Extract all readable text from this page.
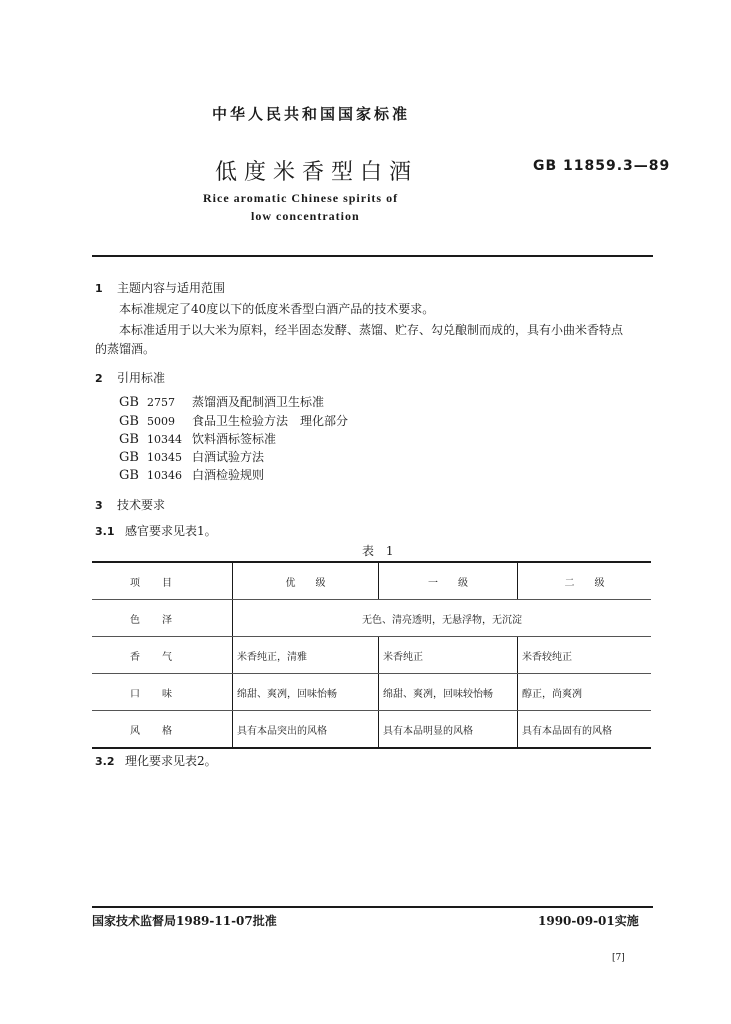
中华人民共和国国家标准
低度米香型白酒	GB 11859.3—89
Rice aromatic Chinese spirits of
low concentration
1 主题内容与适用范围
本标准规定了40度以下的低度米香型白酒产品的技术要求。
本标准适用于以大米为原料，经半固态发酵、蒸馏、贮存、勾兑酿制而成的，具有小曲米香特点
的蒸馏酒。
2 引用标准
GB 2757 蒸馏酒及配制酒卫生标准
GB 5009 食品卫生检验方法　理化部分
GB 10344 饮料酒标签标准
GB 10345 白酒试验方法
GB 10346 白酒检验规则
3 技术要求
3.1 感官要求见表1。
表 1
项目	优　　级	一　　级	二　　级
色泽	无色、清亮透明，无悬浮物，无沉淀		
香气	米香纯正，清雅	米香纯正	米香较纯正
口味	绵甜、爽冽，回味怡畅	绵甜、爽冽，回味较怡畅	醇正，尚爽冽
风格	具有本品突出的风格	具有本品明显的风格	具有本品固有的风格
3.2 理化要求见表2。
国家技术监督局1989-11-07批准	1990-09-01实施
[7]
